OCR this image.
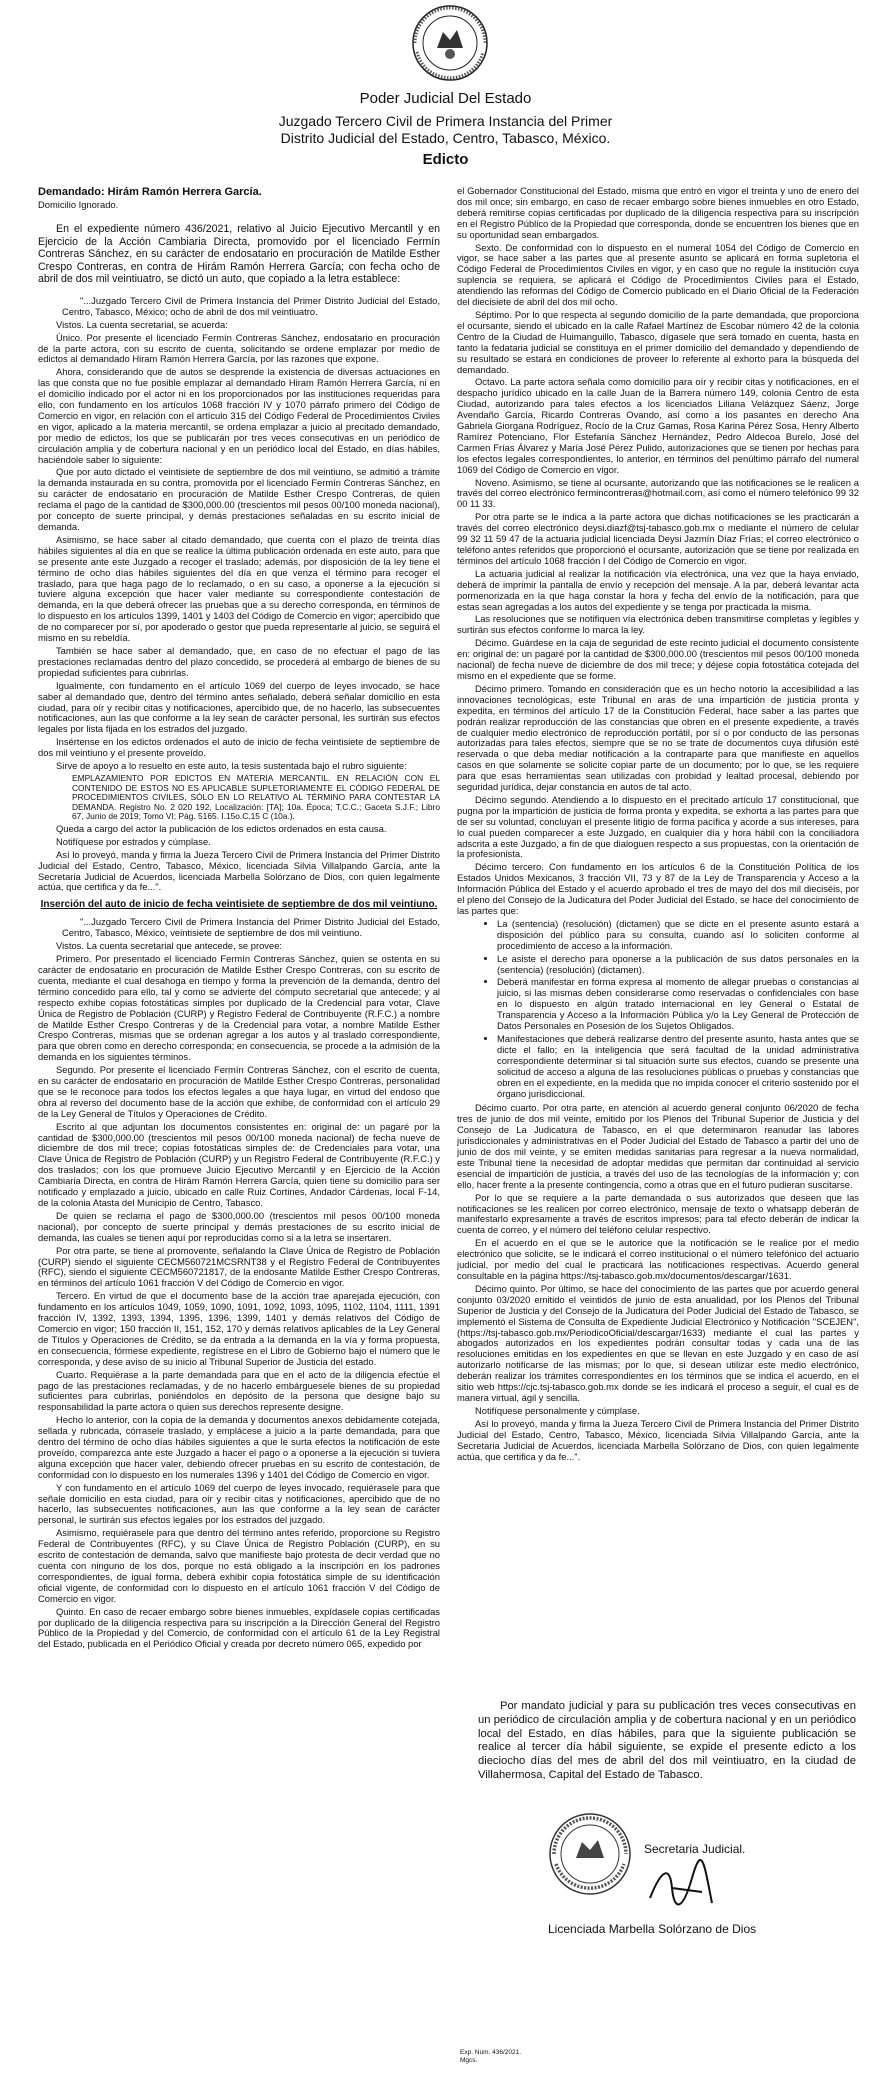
Poder Judicial Del Estado
Juzgado Tercero Civil de Primera Instancia del Primer
Distrito Judicial del Estado, Centro, Tabasco, México.
Edicto

Demandado: Hirám Ramón Herrera García.

Domicilio Ignorado.

En el expediente número 436/2021, relativo al Juicio Ejecutivo Mercantil y en Ejercicio de la Acción Cambiaria Directa, promovido por el licenciado Fermín Contreras Sánchez, en su carácter de endosatario en procuración de Matilde Esther Crespo Contreras, en contra de Hirám Ramón Herrera García; con fecha ocho de abril de dos mil veintiuatro, se dictó un auto, que copiado a la letra establece:

"...Juzgado Tercero Civil de Primera Instancia del Primer Distrito Judicial del Estado, Centro, Tabasco, México; ocho de abril de dos mil veintiuatro.

Vistos. La cuenta secretarial, se acuerda:

Único. Por presente el licenciado Fermín Contreras Sánchez, endosatario en procuración de la parte actora, con su escrito de cuenta, solicitando se ordene emplazar por medio de edictos al demandado Hiram Ramón Herrera García, por las razones que expone.

Ahora, considerando que de autos se desprende la existencia de diversas actuaciones en las que consta que no fue posible emplazar al demandado Hiram Ramón Herrera García, ni en el domicilio indicado por el actor ni en los proporcionados por las instituciones requeridas para ello, con fundamento en los artículos 1068 fracción IV y 1070 párrafo primero del Código de Comercio en vigor, en relación con el artículo 315 del Código Federal de Procedimientos Civiles en vigor, aplicado a la materia mercantil, se ordena emplazar a juicio al precitado demandado, por medio de edictos, los que se publicarán por tres veces consecutivas en un periódico de circulación amplia y de cobertura nacional y en un periódico local del Estado, en días hábiles, haciéndole saber lo siguiente:

Que por auto dictado el veintisiete de septiembre de dos mil veintiuno, se admitió a trámite la demanda instaurada en su contra, promovida por el licenciado Fermín Contreras Sánchez, en su carácter de endosatario en procuración de Matilde Esther Crespo Contreras, de quien reclama el pago de la cantidad de $300,000.00 (trescientos mil pesos 00/100 moneda nacional), por concepto de suerte principal, y demás prestaciones señaladas en su escrito inicial de demanda.

Asimismo, se hace saber al citado demandado, que cuenta con el plazo de treinta días hábiles siguientes al día en que se realice la última publicación ordenada en este auto, para que se presente ante este Juzgado a recoger el traslado; además, por disposición de la ley tiene el término de ocho días hábiles siguientes del día en que venza el término para recoger el traslado, para que haga pago de lo reclamado, o en su caso, a oponerse a la ejecución si tuviere alguna excepción que hacer valer mediante su correspondiente contestación de demanda, en la que deberá ofrecer las pruebas que a su derecho corresponda, en términos de lo dispuesto en los artículos 1399, 1401 y 1403 del Código de Comercio en vigor; apercibido que de no comparecer por sí, por apoderado o gestor que pueda representarle al juicio, se seguirá el mismo en su rebeldía.

También se hace saber al demandado, que, en caso de no efectuar el pago de las prestaciones reclamadas dentro del plazo concedido, se procederá al embargo de bienes de su propiedad suficientes para cubrirlas.

Igualmente, con fundamento en el artículo 1069 del cuerpo de leyes invocado, se hace saber al demandado que, dentro del término antes señalado, deberá señalar domicilio en esta ciudad, para oír y recibir citas y notificaciones, apercibido que, de no hacerlo, las subsecuentes notificaciones, aun las que conforme a la ley sean de carácter personal, les surtirán sus efectos legales por lista fijada en los estrados del juzgado.

Insértense en los edictos ordenados el auto de inicio de fecha veintisiete de septiembre de dos mil veintiuno y el presente proveído.

Sirve de apoyo a lo resuelto en este auto, la tesis sustentada bajo el rubro siguiente:

EMPLAZAMIENTO POR EDICTOS EN MATERIA MERCANTIL. EN RELACIÓN CON EL CONTENIDO DE ESTOS NO ES APLICABLE SUPLETORIAMENTE EL CÓDIGO FEDERAL DE PROCEDIMIENTOS CIVILES, SÓLO EN LO RELATIVO AL TÉRMINO PARA CONTESTAR LA DEMANDA. Registro No. 2 020 192, Localización: [TA]; 10a. Época; T.C.C.; Gaceta S.J.F.; Libro 67, Junio de 2019; Tomo VI; Pág. 5165. I.15o.C.15 C (10a.).

Queda a cargo del actor la publicación de los edictos ordenados en esta causa.

Notifíquese por estrados y cúmplase.

Así lo proveyó, manda y firma la Jueza Tercero Civil de Primera Instancia del Primer Distrito Judicial del Estado, Centro, Tabasco, México, licenciada Silvia Villalpando García, ante la Secretaria Judicial de Acuerdos, licenciada Marbella Solórzano de Dios, con quien legalmente actúa, que certifica y da fe...".

Inserción del auto de inicio de fecha veintisiete de septiembre de dos mil veintiuno.

"...Juzgado Tercero Civil de Primera Instancia del Primer Distrito Judicial del Estado, Centro, Tabasco, México, veintisiete de septiembre de dos mil veintiuno.

Vistos. La cuenta secretarial que antecede, se provee:

Primero. Por presentado el licenciado Fermín Contreras Sánchez, quien se ostenta en su carácter de endosatario en procuración de Matilde Esther Crespo Contreras, con su escrito de cuenta, mediante el cual desahoga en tiempo y forma la prevención de la demanda, dentro del término concedido para ello, tal y como se advierte del cómputo secretarial que antecede; y al respecto exhibe copias fotostáticas simples por duplicado de la Credencial para votar, Clave Única de Registro de Población (CURP) y Registro Federal de Contribuyente (R.F.C.) a nombre de Matilde Esther Crespo Contreras y de la Credencial para votar, a nombre Matilde Esther Crespo Contreras, mismas que se ordenan agregar a los autos y al traslado correspondiente, para que obren como en derecho corresponda; en consecuencia, se procede a la admisión de la demanda en los siguientes términos.

Segundo. Por presente el licenciado Fermín Contreras Sánchez, con el escrito de cuenta, en su carácter de endosatario en procuración de Matilde Esther Crespo Contreras, personalidad que se le reconoce para todos los efectos legales a que haya lugar, en virtud del endoso que obra al reverso del documento base de la acción que exhibe, de conformidad con el artículo 29 de la Ley General de Títulos y Operaciones de Crédito.

Escrito al que adjuntan los documentos consistentes en: original de: un pagaré por la cantidad de $300,000.00 (trescientos mil pesos 00/100 moneda nacional) de fecha nueve de diciembre de dos mil trece; copias fotostáticas simples de: de Credenciales para votar, una Clave Única de Registro de Población (CURP) y un Registro Federal de Contribuyente (R.F.C.) y dos traslados; con los que promueve Juicio Ejecutivo Mercantil y en Ejercicio de la Acción Cambiaria Directa, en contra de Hirám Ramón Herrera García, quien tiene su domicilio para ser notificado y emplazado a juicio, ubicado en calle Ruiz Cortines, Andador Cárdenas, local F-14, de la colonia Atasta del Municipio de Centro, Tabasco.

De quien se reclama el pago de $300,000.00 (trescientos mil pesos 00/100 moneda nacional), por concepto de suerte principal y demás prestaciones de su escrito inicial de demanda, las cuales se tienen aquí por reproducidas como si a la letra se insertaren.

Por otra parte, se tiene al promovente, señalando la Clave Única de Registro de Población (CURP) siendo el siguiente CECM560721MCSRNT38 y el Registro Federal de Contribuyentes (RFC), siendo el siguiente CECM560721817, de la endosante Matilde Esther Crespo Contreras, en términos del artículo 1061 fracción V del Código de Comercio en vigor.

Tercero. En virtud de que el documento base de la acción trae aparejada ejecución, con fundamento en los artículos 1049, 1059, 1090, 1091, 1092, 1093, 1095, 1102, 1104, 1111, 1391 fracción IV, 1392, 1393, 1394, 1395, 1396, 1399, 1401 y demás relativos del Código de Comercio en vigor; 150 fracción II, 151, 152, 170 y demás relativos aplicables de la Ley General de Títulos y Operaciones de Crédito, se da entrada a la demanda en la vía y forma propuesta, en consecuencia, fórmese expediente, regístrese en el Libro de Gobierno bajo el número que le corresponda, y dese aviso de su inicio al Tribunal Superior de Justicia del estado.

Cuarto. Requiérase a la parte demandada para que en el acto de la diligencia efectúe el pago de las prestaciones reclamadas, y de no hacerlo embárguesele bienes de su propiedad suficientes para cubrirlas, poniéndolos en depósito de la persona que designe bajo su responsabilidad la parte actora o quien sus derechos represente designe.

Hecho lo anterior, con la copia de la demanda y documentos anexos debidamente cotejada, sellada y rubricada, córrasele traslado, y emplácese a juicio a la parte demandada, para que dentro del término de ocho días hábiles siguientes a que le surta efectos la notificación de este proveído, comparezca ante este Juzgado a hacer el pago o a oponerse a la ejecución si tuviera alguna excepción que hacer valer, debiendo ofrecer pruebas en su escrito de contestación, de conformidad con lo dispuesto en los numerales 1396 y 1401 del Código de Comercio en vigor.

Y con fundamento en el artículo 1069 del cuerpo de leyes invocado, requiérasele para que señale domicilio en esta ciudad, para oír y recibir citas y notificaciones, apercibido que de no hacerlo, las subsecuentes notificaciones, aun las que conforme a la ley sean de carácter personal, le surtirán sus efectos legales por los estrados del juzgado.

Asimismo, requiérasele para que dentro del término antes referido, proporcione su Registro Federal de Contribuyentes (RFC), y su Clave Única de Registro Población (CURP), en su escrito de contestación de demanda, salvo que manifieste bajo protesta de decir verdad que no cuenta con ninguno de los dos, porque no está obligado a la inscripción en los padrones correspondientes, de igual forma, deberá exhibir copia fotostática simple de su identificación oficial vigente, de conformidad con lo dispuesto en el artículo 1061 fracción V del Código de Comercio en vigor.

Quinto. En caso de recaer embargo sobre bienes inmuebles, expídasele copias certificadas por duplicado de la diligencia respectiva para su inscripción a la Dirección General del Registro Público de la Propiedad y del Comercio, de conformidad con el artículo 61 de la Ley Registral del Estado, publicada en el Periódico Oficial y creada por decreto número 065, expedido por

el Gobernador Constitucional del Estado, misma que entró en vigor el treinta y uno de enero del dos mil once; sin embargo, en caso de recaer embargo sobre bienes inmuebles en otro Estado, deberá remitirse copias certificadas por duplicado de la diligencia respectiva para su inscripción en el Registro Público de la Propiedad que corresponda, donde se encuentren los bienes que en su oportunidad sean embargados.

Sexto. De conformidad con lo dispuesto en el numeral 1054 del Código de Comercio en vigor, se hace saber a las partes que al presente asunto se aplicará en forma supletoria el Código Federal de Procedimientos Civiles en vigor, y en caso que no regule la institución cuya suplencia se requiera, se aplicará el Código de Procedimientos Civiles para el Estado, atendiendo las reformas del Código de Comercio publicado en el Diario Oficial de la Federación del diecisiete de abril del dos mil ocho.

Séptimo. Por lo que respecta al segundo domicilio de la parte demandada, que proporciona el ocursante, siendo el ubicado en la calle Rafael Martínez de Escobar número 42 de la colonia Centro de la Ciudad de Huimanguillo, Tabasco, dígasele que será tomado en cuenta, hasta en tanto la fedataria judicial se constituya en el primer domicilio del demandado y dependiendo de su resultado se estará en condiciones de proveer lo referente al exhorto para la búsqueda del demandado.

Octavo. La parte actora señala como domicilio para oír y recibir citas y notificaciones, en el despacho jurídico ubicado en la calle Juan de la Barrera número 149, colonia Centro de esta Ciudad, autorizando para tales efectos a los licenciados Liliana Velázquez Sáenz, Jorge Avendaño García, Ricardo Contreras Ovando, así como a los pasantes en derecho Ana Gabriela Giorgana Rodríguez, Rocío de la Cruz Gamas, Rosa Karina Pérez Sosa, Henry Alberto Ramírez Potenciano, Flor Estefanía Sánchez Hernández, Pedro Aldecoa Burelo, José del Carmen Frías Álvarez y María José Pérez Pulido, autorizaciones que se tienen por hechas para los efectos legales correspondientes, lo anterior, en términos del penúltimo párrafo del numeral 1069 del Código de Comercio en vigor.

Noveno. Asimismo, se tiene al ocursante, autorizando que las notificaciones se le realicen a través del correo electrónico fermincontreras@hotmail.com, así como el número telefónico 99 32 00 11 33.

Por otra parte se le indica a la parte actora que dichas notificaciones se les practicarán a través del correo electrónico deysi.diazf@tsj-tabasco.gob.mx o mediante el número de celular 99 32 11 59 47 de la actuaria judicial licenciada Deysi Jazmín Díaz Frías; el correo electrónico o teléfono antes referidos que proporcionó el ocursante, autorización que se tiene por realizada en términos del artículo 1068 fracción I del Código de Comercio en vigor.

La actuaria judicial al realizar la notificación vía electrónica, una vez que la haya enviado, deberá de imprimir la pantalla de envío y recepción del mensaje. A la par, deberá levantar acta pormenorizada en la que haga constar la hora y fecha del envío de la notificación, para que estas sean agregadas a los autos del expediente y se tenga por practicada la misma.

Las resoluciones que se notifiquen vía electrónica deben transmitirse completas y legibles y surtirán sus efectos conforme lo marca la ley.

Décimo. Guárdese en la caja de seguridad de este recinto judicial el documento consistente en: original de: un pagaré por la cantidad de $300,000.00 (trescientos mil pesos 00/100 moneda nacional) de fecha nueve de diciembre de dos mil trece; y déjese copia fotostática cotejada del mismo en el expediente que se forme.

Décimo primero. Tomando en consideración que es un hecho notorio la accesibilidad a las innovaciones tecnológicas, este Tribunal en aras de una impartición de justicia pronta y expedita, en términos del artículo 17 de la Constitución Federal, hace saber a las partes que podrán realizar reproducción de las constancias que obren en el presente expediente, a través de cualquier medio electrónico de reproducción portátil, por sí o por conducto de las personas autorizadas para tales efectos, siempre que se no se trate de documentos cuya difusión esté reservada o que deba mediar notificación a la contraparte para que manifieste en aquellos casos en que solamente se solicite copiar parte de un documento; por lo que, se les requiere para que esas herramientas sean utilizadas con probidad y lealtad procesal, debiendo por seguridad jurídica, dejar constancia en autos de tal acto.

Décimo segundo. Atendiendo a lo dispuesto en el precitado artículo 17 constitucional, que pugna por la impartición de justicia de forma pronta y expedita, se exhorta a las partes para que de ser su voluntad, concluyan el presente litigio de forma pacífica y acorde a sus intereses, para lo cual pueden comparecer a este Juzgado, en cualquier día y hora hábil con la conciliadora adscrita a este Juzgado, a fin de que dialoguen respecto a sus propuestas, con la orientación de la profesionista.

Décimo tercero. Con fundamento en los artículos 6 de la Constitución Política de los Estados Unidos Mexicanos, 3 fracción VII, 73 y 87 de la Ley de Transparencia y Acceso a la Información Pública del Estado y el acuerdo aprobado el tres de mayo del dos mil dieciséis, por el pleno del Consejo de la Judicatura del Poder Judicial del Estado, se hace del conocimiento de las partes que:

• La (sentencia) (resolución) (dictamen) que se dicte en el presente asunto estará a disposición del público para su consulta, cuando así lo soliciten conforme al procedimiento de acceso a la información.
• Le asiste el derecho para oponerse a la publicación de sus datos personales en la (sentencia) (resolución) (dictamen).
• Deberá manifestar en forma expresa al momento de allegar pruebas o constancias al juicio, si las mismas deben considerarse como reservadas o confidenciales con base en lo dispuesto en algún tratado internacional en ley General o Estatal de Transparencia y Acceso a la Información Pública y/o la Ley General de Protección de Datos Personales en Posesión de los Sujetos Obligados.
• Manifestaciones que deberá realizarse dentro del presente asunto, hasta antes que se dicte el fallo; en la inteligencia que será facultad de la unidad administrativa correspondiente determinar si tal situación surte sus efectos, cuando se presente una solicitud de acceso a alguna de las resoluciones públicas o pruebas y constancias que obren en el expediente, en la medida que no impida conocer el criterio sostenido por el órgano jurisdiccional.

Décimo cuarto. Por otra parte, en atención al acuerdo general conjunto 06/2020 de fecha tres de junio de dos mil veinte, emitido por los Plenos del Tribunal Superior de Justicia y del Consejo de La Judicatura de Tabasco, en el que determinaron reanudar las labores jurisdiccionales y administrativas en el Poder Judicial del Estado de Tabasco a partir del uno de junio de dos mil veinte, y se emiten medidas sanitarias para regresar a la nueva normalidad, este Tribunal tiene la necesidad de adoptar medidas que permitan dar continuidad al servicio esencial de impartición de justicia, a través del uso de las tecnologías de la información y; con ello, hacer frente a la presente contingencia, como a otras que en el futuro pudieran suscitarse.

Por lo que se requiere a la parte demandada o sus autorizados que deseen que las notificaciones se les realicen por correo electrónico, mensaje de texto o whatsapp deberán de manifestarlo expresamente a través de escritos impresos; para tal efecto deberán de indicar la cuenta de correo, y el número del teléfono celular respectivo.

En el acuerdo en el que se le autorice que la notificación se le realice por el medio electrónico que solicite, se le indicará el correo institucional o el número telefónico del actuario judicial, por medio del cual le practicará las notificaciones respectivas. Acuerdo general consultable en la página https://tsj-tabasco.gob.mx/documentos/descargar/1631.

Décimo quinto. Por último, se hace del conocimiento de las partes que por acuerdo general conjunto 03/2020 emitido el veintidós de junio de esta anualidad, por los Plenos del Tribunal Superior de Justicia y del Consejo de la Judicatura del Poder Judicial del Estado de Tabasco, se implementó el Sistema de Consulta de Expediente Judicial Electrónico y Notificación "SCEJEN", (https://tsj-tabasco.gob.mx/PeriodicoOficial/descargar/1633) mediante el cual las partes y abogados autorizados en los expedientes podrán consultar todas y cada una de las resoluciones emitidas en los expedientes en que se llevan en este Juzgado y en caso de así autorizarlo notificarse de las mismas; por lo que, si desean utilizar este medio electrónico, deberán realizar los trámites correspondientes en los términos que se indica el acuerdo, en el sitio web https://cjc.tsj-tabasco.gob.mx donde se les indicará el proceso a seguir, el cual es de manera virtual, ágil y sencilla.

Notifíquese personalmente y cúmplase.

Así lo proveyó, manda y firma la Jueza Tercero Civil de Primera Instancia del Primer Distrito Judicial del Estado, Centro, Tabasco, México, licenciada Silvia Villalpando García, ante la Secretaria Judicial de Acuerdos, licenciada Marbella Solórzano de Dios, con quien legalmente actúa, que certifica y da fe...".

Por mandato judicial y para su publicación tres veces consecutivas en un periódico de circulación amplia y de cobertura nacional y en un periódico local del Estado, en días hábiles, para que la siguiente publicación se realice al tercer día hábil siguiente, se expide el presente edicto a los dieciocho días del mes de abril del dos mil veintiuatro, en la ciudad de Villahermosa, Capital del Estado de Tabasco.

Secretaria Judicial.
Licenciada Marbella Solórzano de Dios
Exp. Núm. 436/2021.
Mgcs.
